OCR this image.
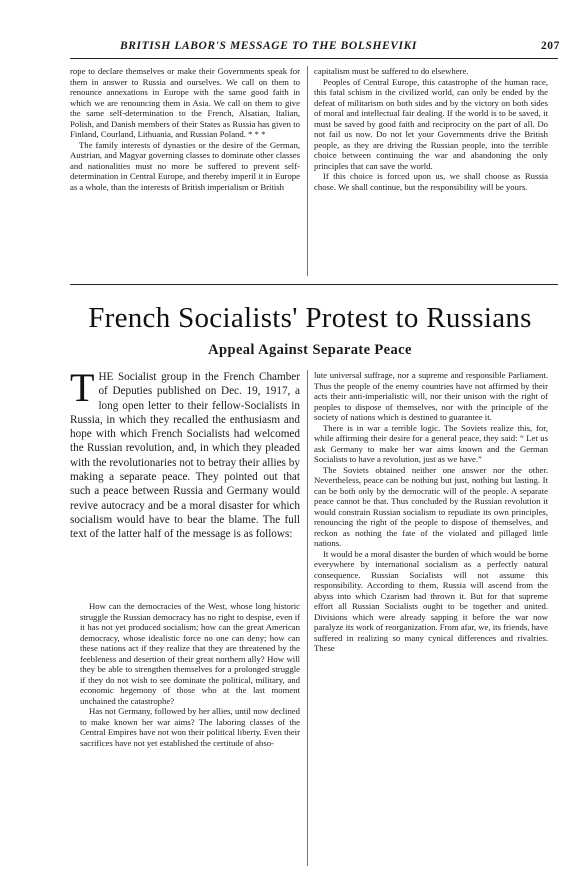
BRITISH LABOR'S MESSAGE TO THE BOLSHEVIKI	207

rope to declare themselves or make their Governments speak for them in answer to Russia and ourselves. We call on them to renounce annexations in Europe with the same good faith in which we are renouncing them in Asia. We call on them to give the same self-determination to the French, Alsatian, Italian, Polish, and Danish members of their States as Russia has given to Finland, Courland, Lithuania, and Russian Poland. * * *

The family interests of dynasties or the desire of the German, Austrian, and Magyar governing classes to dominate other classes and nationalities must no more be suffered to prevent self-determination in Central Europe, and thereby imperil it in Europe as a whole, than the interests of British imperialism or British

capitalism must be suffered to do elsewhere.

Peoples of Central Europe, this catastrophe of the human race, this fatal schism in the civilized world, can only be ended by the defeat of militarism on both sides and by the victory on both sides of moral and intellectual fair dealing. If the world is to be saved, it must be saved by good faith and reciprocity on the part of all. Do not fail us now. Do not let your Governments drive the British people, as they are driving the Russian people, into the terrible choice between continuing the war and abandoning the only principles that can save the world.

If this choice is forced upon us, we shall choose as Russia chose. We shall continue, but the responsibility will be yours.

French Socialists' Protest to Russians
Appeal Against Separate Peace
T HE Socialist group in the French Chamber of Deputies published on Dec. 19, 1917, a long open letter to their fellow-Socialists in Russia, in which they recalled the enthusiasm and hope with which French Socialists had welcomed the Russian revolution, and, in which they pleaded with the revolutionaries not to betray their allies by making a separate peace. They pointed out that such a peace between Russia and Germany would revive autocracy and be a moral disaster for which socialism would have to bear the blame. The full text of the latter half of the message is as follows:

How can the democracies of the West, whose long historic struggle the Russian democracy has no right to despise, even if it has not yet produced socialism; how can the great American democracy, whose idealistic force no one can deny; how can these nations act if they realize that they are threatened by the feebleness and desertion of their great northern ally? How will they be able to strengthen themselves for a prolonged struggle if they do not wish to see dominate the political, military, and economic hegemony of those who at the last moment unchained the catastrophe?

Has not Germany, followed by her allies, until now declined to make known her war aims? The laboring classes of the Central Empires have not won their political liberty. Even their sacrifices have not yet established the certitude of abso-

lute universal suffrage, nor a supreme and responsible Parliament. Thus the people of the enemy countries have not affirmed by their acts their anti-imperialistic will, nor their unison with the right of peoples to dispose of themselves, nor with the principle of the society of nations which is destined to guarantee it.

There is in war a terrible logic. The Soviets realize this, for, while affirming their desire for a general peace, they said: “ Let us ask Germany to make her war aims known and the German Socialists to have a revolution, just as we have.”

The Soviets obtained neither one answer nor the other. Nevertheless, peace can be nothing but just, nothing but lasting. It can be both only by the democratic will of the people. A separate peace cannot be that. Thus concluded by the Russian revolution it would constrain Russian socialism to repudiate its own principles, renouncing the right of the people to dispose of themselves, and reckon as nothing the fate of the violated and pillaged little nations.

It would be a moral disaster the burden of which would be borne everywhere by international socialism as a perfectly natural consequence. Russian Socialists will not assume this responsibility. According to them, Russia will ascend from the abyss into which Czarism had thrown it. But for that supreme effort all Russian Socialists ought to be together and united. Divisions which were already sapping it before the war now paralyze its work of reorganization. From afar, we, its friends, have suffered in realizing so many cynical differences and rivalries. These
